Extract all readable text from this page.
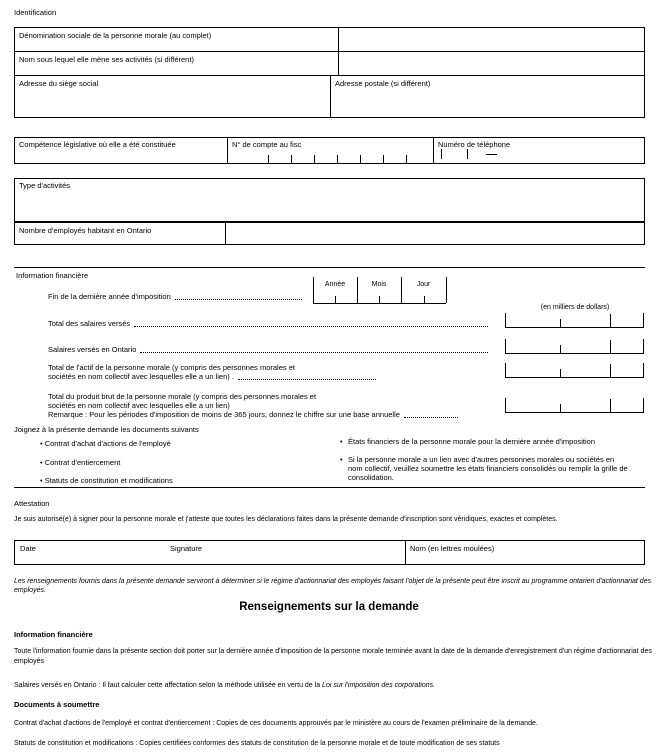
Identification
Dénomination sociale de la personne morale (au complet)
Nom sous lequel elle mène ses activités (si différent)
Adresse du siège social	Adresse postale (si différent)
Compétence législative où elle a été constituée	N° de compte au fisc	Numéro de téléphone
Type d'activités
Nombre d'employés habitant en Ontario
Information financière
Année	Mois	Jour
Fin de la dernière année d'imposition
(en milliers de dollars)
Total des salaires versés
Salaires versés en Ontario
Total de l'actif de la personne morale (y compris des personnes morales et
sociétés en nom collectif avec lesquelles elle a un lien) .
Total du produit brut de la personne morale (y compris des personnes morales et
sociétés en nom collectif avec lesquelles elle a un lien)
Remarque : Pour les périodes d'imposition de moins de 365 jours, donnez le chiffre sur une base annuelle
Joignez à la présente demande les documents suivants
• Contrat d'achat d'actions de l'employé
• Contrat d'entiercement
• Statuts de constitution et modifications
• États financiers de la personne morale pour la dernière année d'imposition
• Si la personne morale a un lien avec d'autres personnes morales ou sociétés en nom collectif, veuillez soumettre les états financiers consolidés ou remplir la grille de consolidation.
Attestation
Je suis autorisé(e) à signer pour la personne morale et j'atteste que toutes les déclarations faites dans la présente demande d'inscription sont véridiques, exactes et complètes.
Date	Signature	Nom (en lettres moulées)
Les renseignements fournis dans la présente demande serviront à déterminer si le régime d'actionnariat des employés faisant l'objet de la présente peut être inscrit au programme ontarien d'actionnariat des employés.
Renseignements sur la demande
Information financière
Toute l'information fournie dans la présente section doit porter sur la dernière année d'imposition de la personne morale terminée avant la date de la demande d'enregistrement d'un régime d'actionnariat des employés
Salaires versés en Ontario : Il faut calculer cette affectation selon la méthode utilisée en vertu de la Loi sur l'imposition des corporations.
Documents à soumettre
Contrat d'achat d'actions de l'employé et contrat d'entiercement : Copies de ces documents approuvés par le ministère au cours de l'examen préliminaire de la demande.
Statuts de constitution et modifications : Copies certifiées conformes des statuts de constitution de la personne morale et de toute modification de ses statuts
